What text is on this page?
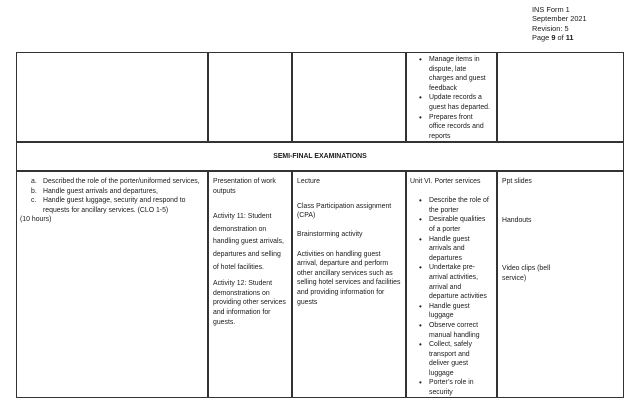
INS Form 1
September 2021
Revision: 5
Page 9 of 11
• Manage items in dispute, late charges and guest feedback
• Update records a guest has departed.
• Prepares front office records and reports
SEMI-FINAL EXAMINATIONS
a. Described the role of the porter/uniformed services,
b. Handle guest arrivals and departures,
c. Handle guest luggage, security and respond to requests for ancillary services. (CLO 1-5)
(10 hours)
Presentation of work outputs
Activity 11: Student demonstration on handling guest arrivals, departures and selling of hotel facilities.
Activity 12: Student demonstrations on providing other services and information for guests.
Lecture
Class Participation assignment (CPA)
Brainstorming activity
Activities on handling guest arrival, departure and perform other ancillary services such as selling hotel services and facilities and providing information for guests
Unit VI. Porter services
• Describe the role of the porter
• Desirable qualities of a porter
• Handle guest arrivals and departures
• Undertake pre-arrival activities, arrival and departure activities
• Handle guest luggage
• Observe correct manual handling
• Collect, safely transport and deliver guest luggage
• Porter’s role in security
Ppt slides
Handouts
Video clips (bell service)
